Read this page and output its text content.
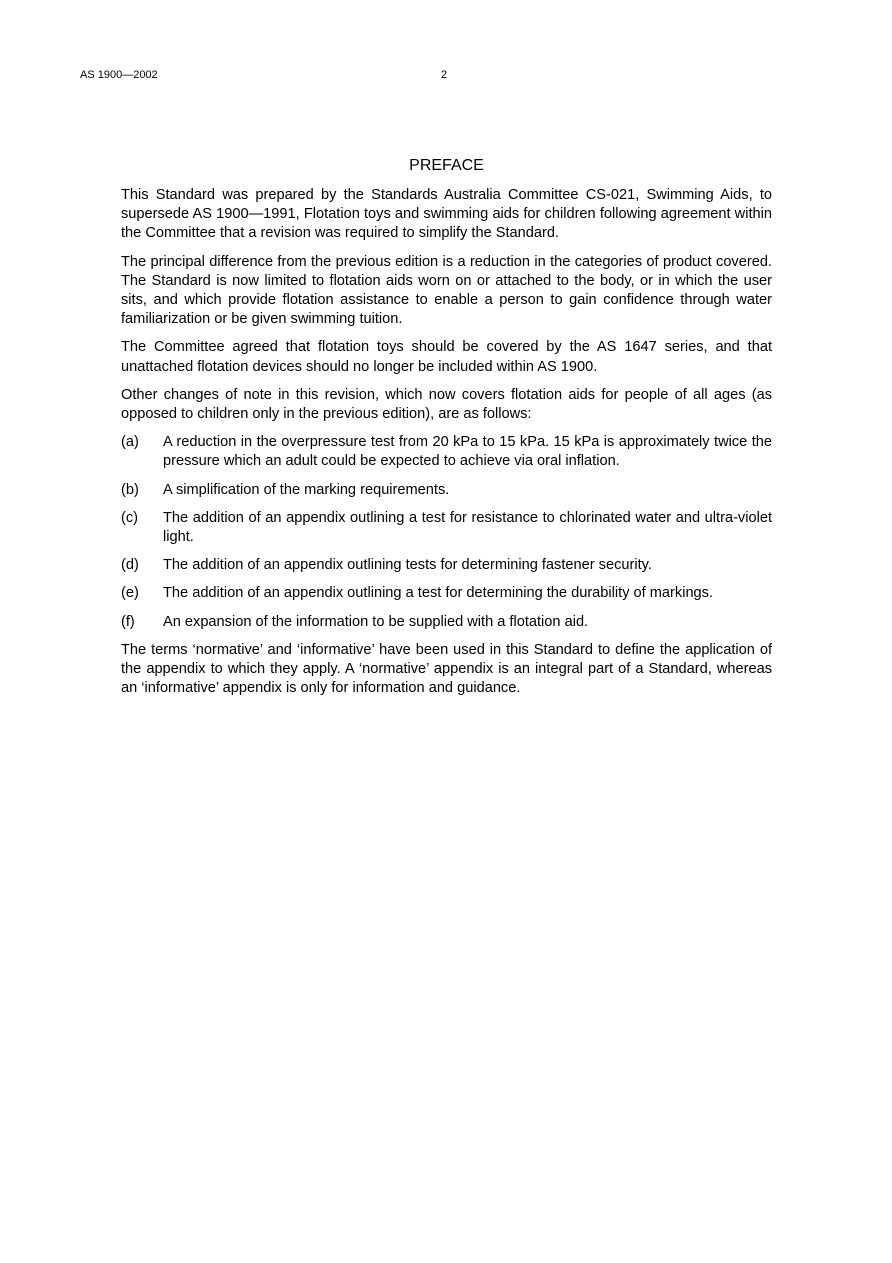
AS 1900—2002	2
PREFACE

This Standard was prepared by the Standards Australia Committee CS-021, Swimming Aids, to supersede AS 1900—1991, Flotation toys and swimming aids for children following agreement within the Committee that a revision was required to simplify the Standard.

The principal difference from the previous edition is a reduction in the categories of product covered. The Standard is now limited to flotation aids worn on or attached to the body, or in which the user sits, and which provide flotation assistance to enable a person to gain confidence through water familiarization or be given swimming tuition.

The Committee agreed that flotation toys should be covered by the AS 1647 series, and that unattached flotation devices should no longer be included within AS 1900.

Other changes of note in this revision, which now covers flotation aids for people of all ages (as opposed to children only in the previous edition), are as follows:

(a)	A reduction in the overpressure test from 20 kPa to 15 kPa. 15 kPa is approximately twice the pressure which an adult could be expected to achieve via oral inflation.
(b)	A simplification of the marking requirements.
(c)	The addition of an appendix outlining a test for resistance to chlorinated water and ultra-violet light.
(d)	The addition of an appendix outlining tests for determining fastener security.
(e)	The addition of an appendix outlining a test for determining the durability of markings.
(f)	An expansion of the information to be supplied with a flotation aid.

The terms ‘normative’ and ‘informative’ have been used in this Standard to define the application of the appendix to which they apply. A ‘normative’ appendix is an integral part of a Standard, whereas an ‘informative’ appendix is only for information and guidance.
